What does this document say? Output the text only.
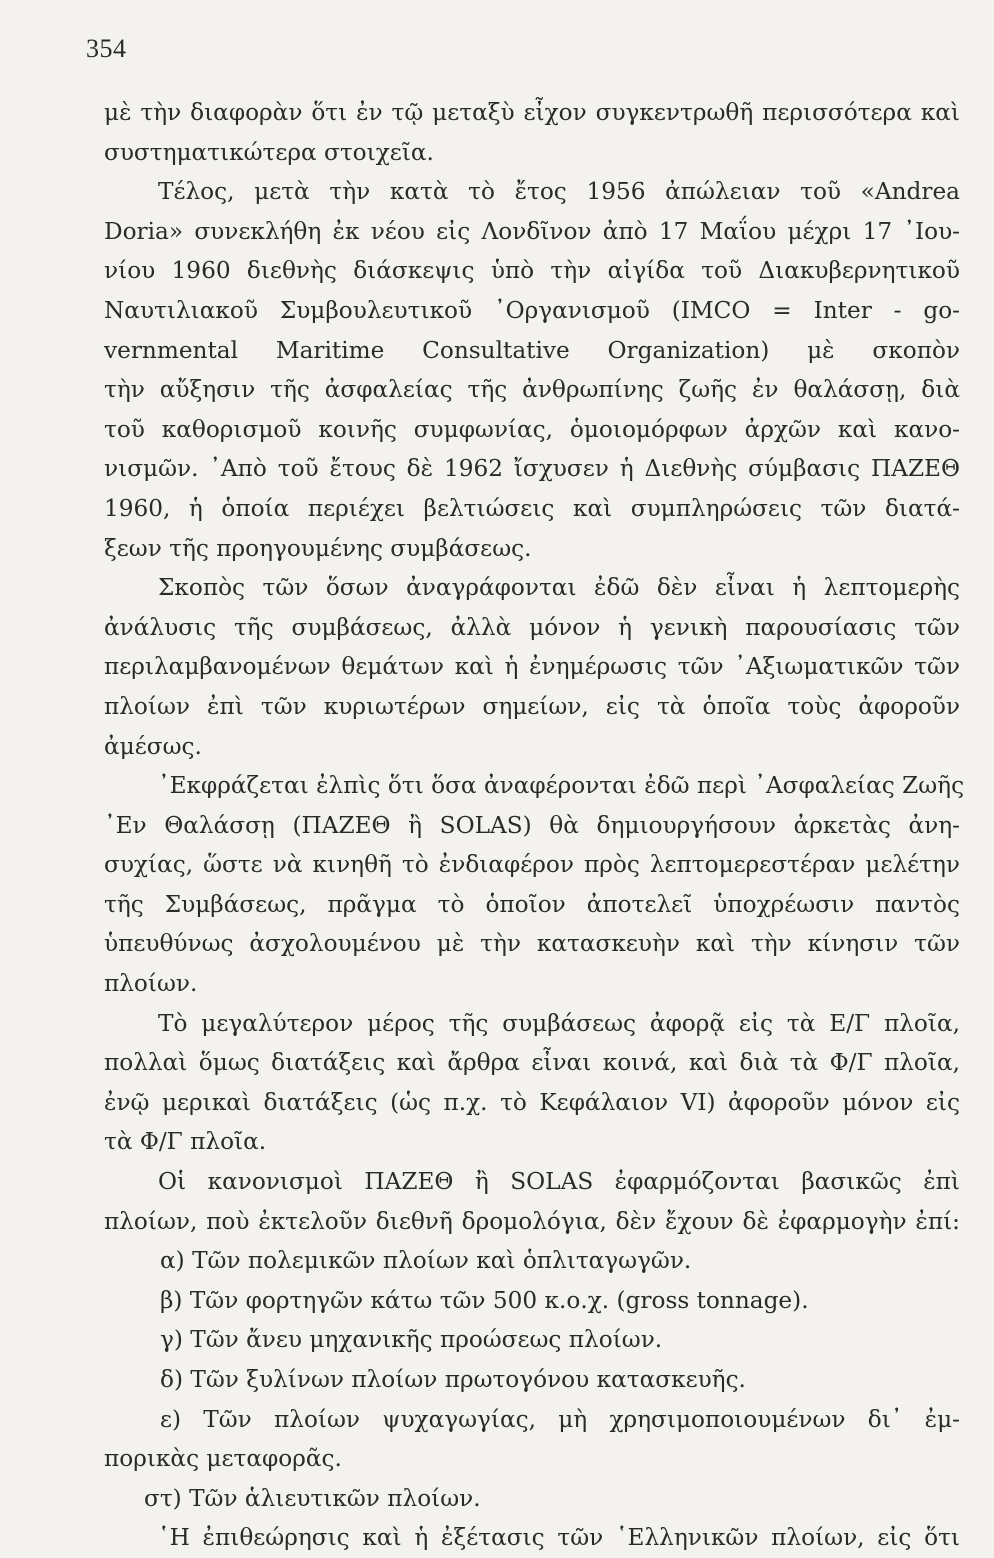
354
μὲ τὴν διαφορὰν ὅτι ἐν τῷ μεταξὺ εἶχον συγκεντρωθῆ περισσότερα καὶ
συστηματικώτερα στοιχεῖα.
Τέλος, μετὰ τὴν κατὰ τὸ ἔτος 1956 ἀπώλειαν τοῦ «Andrea
Doria» συνεκλήθη ἐκ νέου εἰς Λονδῖνον ἀπὸ 17 Μαΐου μέχρι 17 ᾿Ιου-
νίου 1960 διεθνὴς διάσκεψις ὑπὸ τὴν αἰγίδα τοῦ Διακυβερνητικοῦ
Ναυτιλιακοῦ Συμβουλευτικοῦ ᾿Οργανισμοῦ (IMCO = Inter - go-
vernmental Maritime Consultative Organization) μὲ σκοπὸν
τὴν αὔξησιν τῆς ἀσφαλείας τῆς ἀνθρωπίνης ζωῆς ἐν θαλάσσῃ, διὰ
τοῦ καθορισμοῦ κοινῆς συμφωνίας, ὁμοιομόρφων ἀρχῶν καὶ κανο-
νισμῶν. ᾿Απὸ τοῦ ἔτους δὲ 1962 ἴσχυσεν ἡ Διεθνὴς σύμβασις ΠΑΖΕΘ
1960, ἡ ὁποία περιέχει βελτιώσεις καὶ συμπληρώσεις τῶν διατά-
ξεων τῆς προηγουμένης συμβάσεως.
Σκοπὸς τῶν ὅσων ἀναγράφονται ἐδῶ δὲν εἶναι ἡ λεπτομερὴς
ἀνάλυσις τῆς συμβάσεως, ἀλλὰ μόνον ἡ γενικὴ παρουσίασις τῶν
περιλαμβανομένων θεμάτων καὶ ἡ ἐνημέρωσις τῶν ᾿Αξιωματικῶν τῶν
πλοίων ἐπὶ τῶν κυριωτέρων σημείων, εἰς τὰ ὁποῖα τοὺς ἀφοροῦν
ἀμέσως.
᾿Εκφράζεται ἐλπὶς ὅτι ὅσα ἀναφέρονται ἐδῶ περὶ ᾿Ασφαλείας Ζωῆς
᾿Εν Θαλάσσῃ (ΠΑΖΕΘ ἢ SOLAS) θὰ δημιουργήσουν ἀρκετὰς ἀνη-
συχίας, ὥστε νὰ κινηθῆ τὸ ἐνδιαφέρον πρὸς λεπτομερεστέραν μελέτην
τῆς Συμβάσεως, πρᾶγμα τὸ ὁποῖον ἀποτελεῖ ὑποχρέωσιν παντὸς
ὑπευθύνως ἀσχολουμένου μὲ τὴν κατασκευὴν καὶ τὴν κίνησιν τῶν
πλοίων.
Τὸ μεγαλύτερον μέρος τῆς συμβάσεως ἀφορᾷ εἰς τὰ Ε/Γ πλοῖα,
πολλαὶ ὅμως διατάξεις καὶ ἄρθρα εἶναι κοινά, καὶ διὰ τὰ Φ/Γ πλοῖα,
ἐνῷ μερικαὶ διατάξεις (ὡς π.χ. τὸ Κεφάλαιον VI) ἀφοροῦν μόνον εἰς
τὰ Φ/Γ πλοῖα.
Οἱ κανονισμοὶ ΠΑΖΕΘ ἢ SOLAS ἐφαρμόζονται βασικῶς ἐπὶ
πλοίων, ποὺ ἐκτελοῦν διεθνῆ δρομολόγια, δὲν ἔχουν δὲ ἐφαρμογὴν ἐπί:
α) Τῶν πολεμικῶν πλοίων καὶ ὁπλιταγωγῶν.
β) Τῶν φορτηγῶν κάτω τῶν 500 κ.ο.χ. (gross tonnage).
γ) Τῶν ἄνευ μηχανικῆς προώσεως πλοίων.
δ) Τῶν ξυλίνων πλοίων πρωτογόνου κατασκευῆς.
ε) Τῶν πλοίων ψυχαγωγίας, μὴ χρησιμοποιουμένων δι᾿ ἐμ-
πορικὰς μεταφορᾶς.
στ) Τῶν ἁλιευτικῶν πλοίων.
῾Η ἐπιθεώρησις καὶ ἡ ἐξέτασις τῶν ῾Ελληνικῶν πλοίων, εἰς ὅτι
